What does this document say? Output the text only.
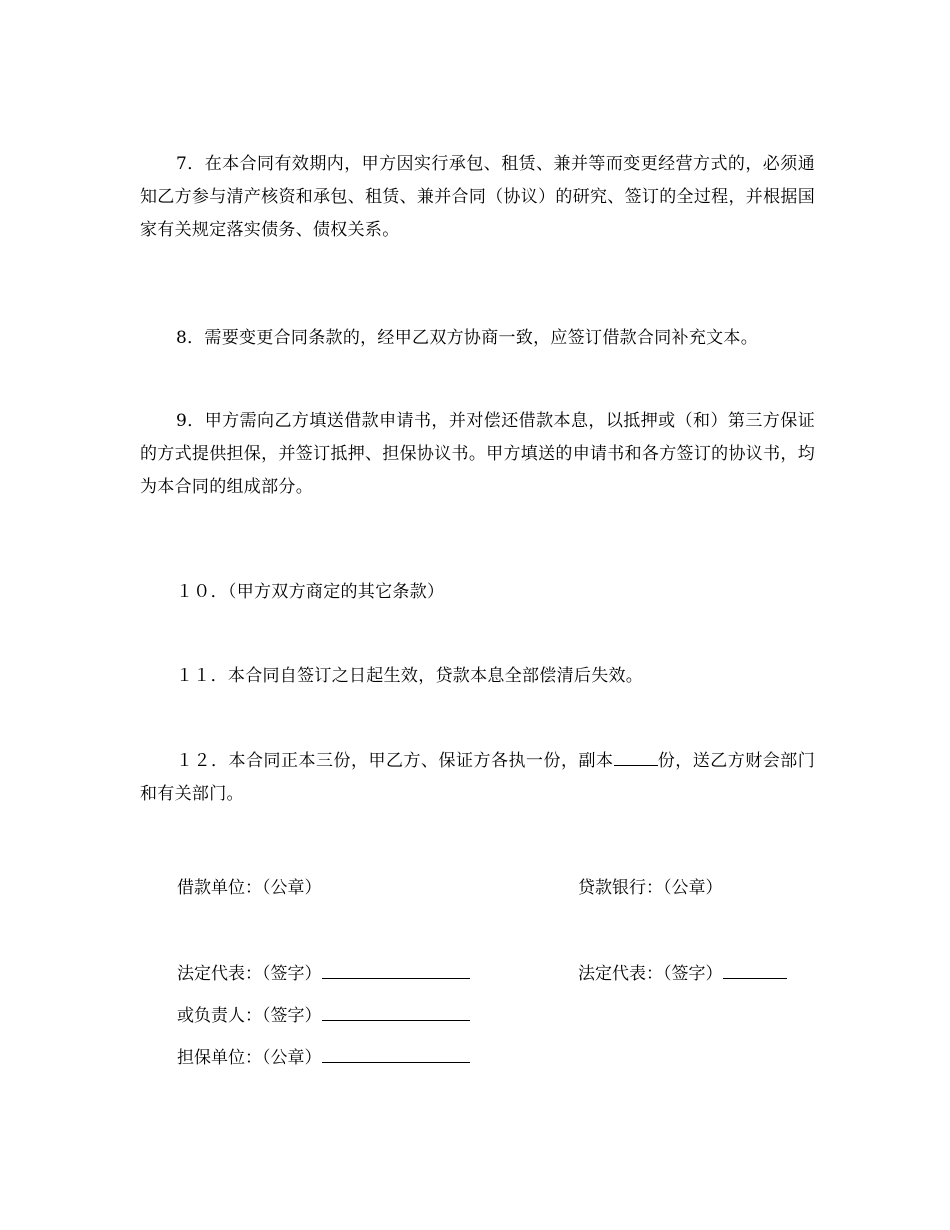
7．在本合同有效期内，甲方因实行承包、租赁、兼并等而变更经营方式的，必须通知乙方参与清产核资和承包、租赁、兼并合同（协议）的研究、签订的全过程，并根据国家有关规定落实债务、债权关系。

8．需要变更合同条款的，经甲乙双方协商一致，应签订借款合同补充文本。

9．甲方需向乙方填送借款申请书，并对偿还借款本息，以抵押或（和）第三方保证的方式提供担保，并签订抵押、担保协议书。甲方填送的申请书和各方签订的协议书，均为本合同的组成部分。

１０．（甲方双方商定的其它条款）

１１．本合同自签订之日起生效，贷款本息全部偿清后失效。

１２．本合同正本三份，甲乙方、保证方各执一份，副本	份，送乙方财会部门和有关部门。

借款单位：（公章）	贷款银行：（公章）
法定代表：（签字）	法定代表：（签字）
或负责人：（签字）
担保单位：（公章）
